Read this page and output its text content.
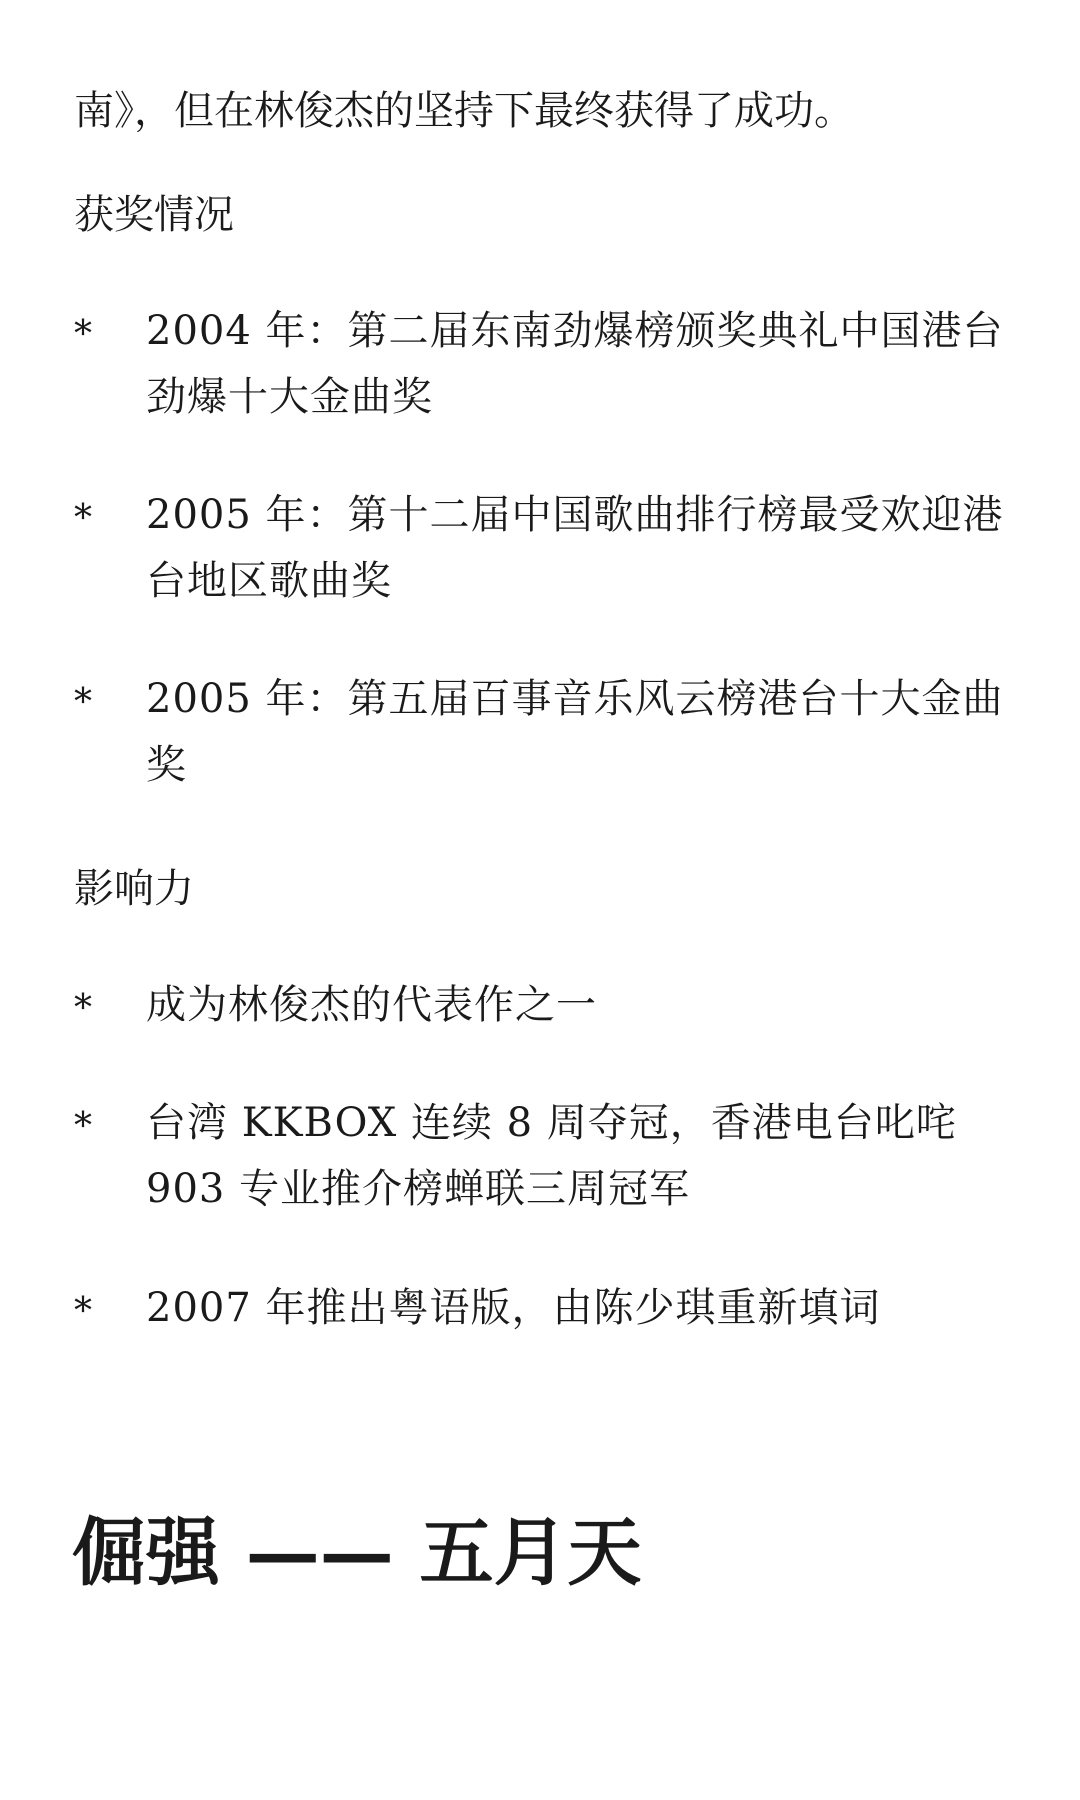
南》，但在林俊杰的坚持下最终获得了成功。

获奖情况

*	2004 年：第二届东南劲爆榜颁奖典礼中国港台劲爆十大金曲奖
*	2005 年：第十二届中国歌曲排行榜最受欢迎港台地区歌曲奖
*	2005 年：第五届百事音乐风云榜港台十大金曲奖

影响力

*	成为林俊杰的代表作之一
*	台湾 KKBOX 连续 8 周夺冠，香港电台叱咤 903 专业推介榜蝉联三周冠军
*	2007 年推出粤语版，由陈少琪重新填词
倔强 —— 五月天
